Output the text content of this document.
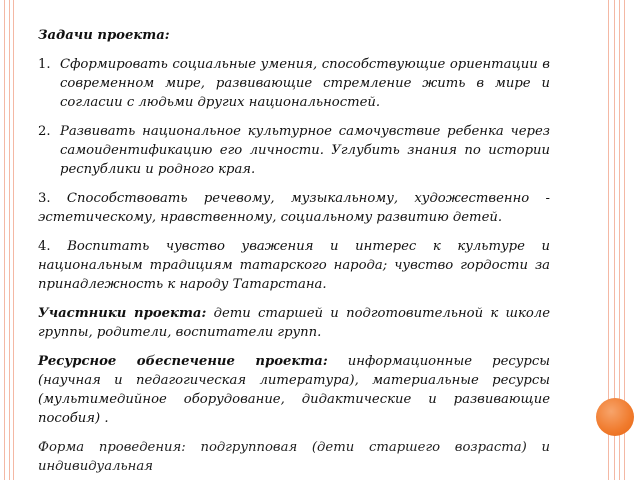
Задачи проекта:
1. Сформировать социальные умения, способствующие ориентации в современном мире, развивающие стремление жить в мире и согласии с людьми других национальностей.
2. Развивать национальное культурное самочувствие ребенка через самоидентификацию его личности. Углубить знания по истории республики и родного края.
3. Способствовать речевому, музыкальному, художественно - эстетическому, нравственному, социальному развитию детей.
4. Воспитать чувство уважения и интерес к культуре и национальным традициям татарского народа; чувство гордости за принадлежность к народу Татарстана.
Участники проекта: дети старшей и подготовительной к школе группы, родители, воспитатели групп.
Ресурсное обеспечение проекта: информационные ресурсы (научная и педагогическая литература), материальные ресурсы (мультимедийное оборудование, дидактические и развивающие пособия) .
Форма проведения: подгрупповая (дети старшего возраста) и индивидуальная
